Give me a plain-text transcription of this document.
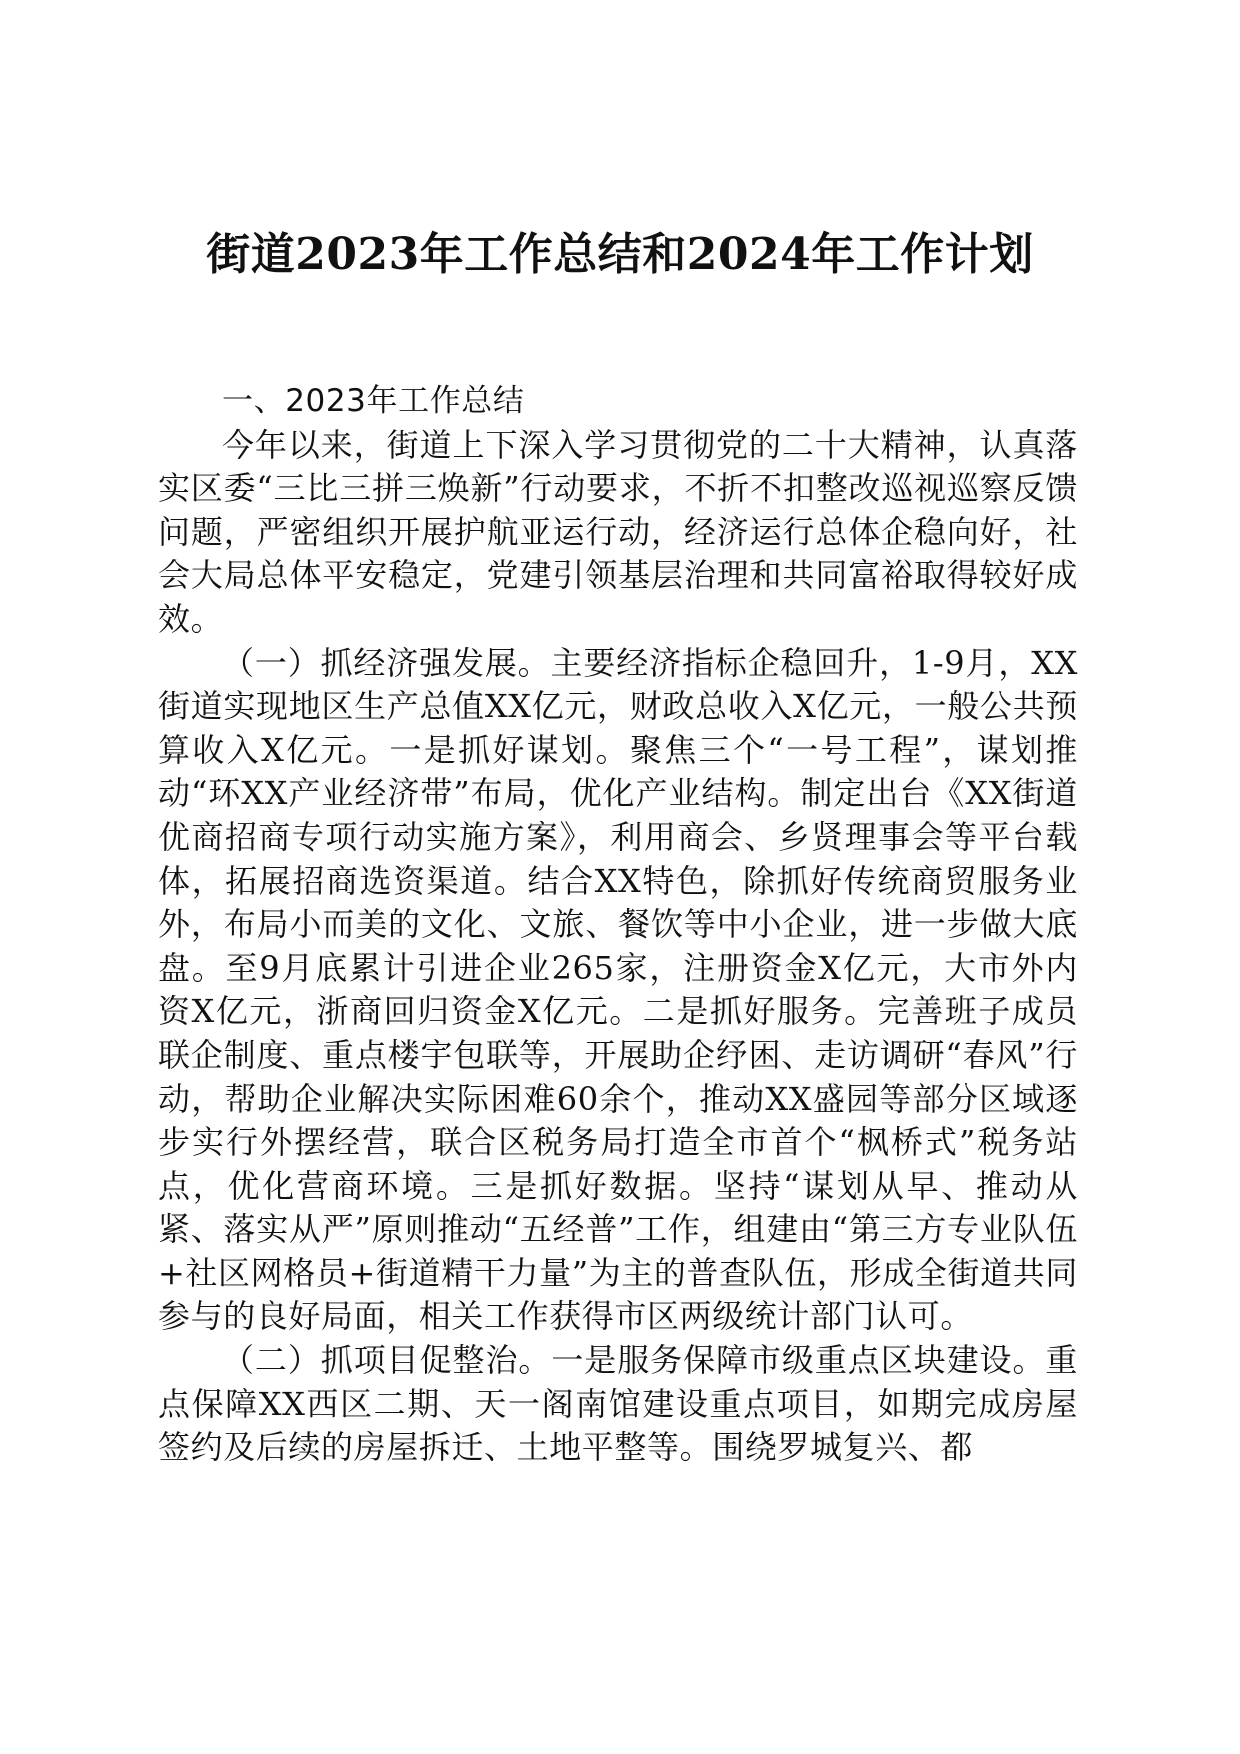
街道2023年工作总结和2024年工作计划

一、2023年工作总结

今年以来，街道上下深入学习贯彻党的二十大精神，认真落实区委“三比三拼三焕新”行动要求，不折不扣整改巡视巡察反馈问题，严密组织开展护航亚运行动，经济运行总体企稳向好，社会大局总体平安稳定，党建引领基层治理和共同富裕取得较好成效。

（一）抓经济强发展。主要经济指标企稳回升，1-9月，XX街道实现地区生产总值XX亿元，财政总收入X亿元，一般公共预算收入X亿元。一是抓好谋划。聚焦三个“一号工程”，谋划推动“环XX产业经济带”布局，优化产业结构。制定出台《XX街道优商招商专项行动实施方案》，利用商会、乡贤理事会等平台载体，拓展招商选资渠道。结合XX特色，除抓好传统商贸服务业外，布局小而美的文化、文旅、餐饮等中小企业，进一步做大底盘。至9月底累计引进企业265家，注册资金X亿元，大市外内资X亿元，浙商回归资金X亿元。二是抓好服务。完善班子成员联企制度、重点楼宇包联等，开展助企纾困、走访调研“春风”行动，帮助企业解决实际困难60余个，推动XX盛园等部分区域逐步实行外摆经营，联合区税务局打造全市首个“枫桥式”税务站点，优化营商环境。三是抓好数据。坚持“谋划从早、推动从紧、落实从严”原则推动“五经普”工作，组建由“第三方专业队伍+社区网格员+街道精干力量”为主的普查队伍，形成全街道共同参与的良好局面，相关工作获得市区两级统计部门认可。

（二）抓项目促整治。一是服务保障市级重点区块建设。重点保障XX西区二期、天一阁南馆建设重点项目，如期完成房屋签约及后续的房屋拆迁、土地平整等。围绕罗城复兴、都
